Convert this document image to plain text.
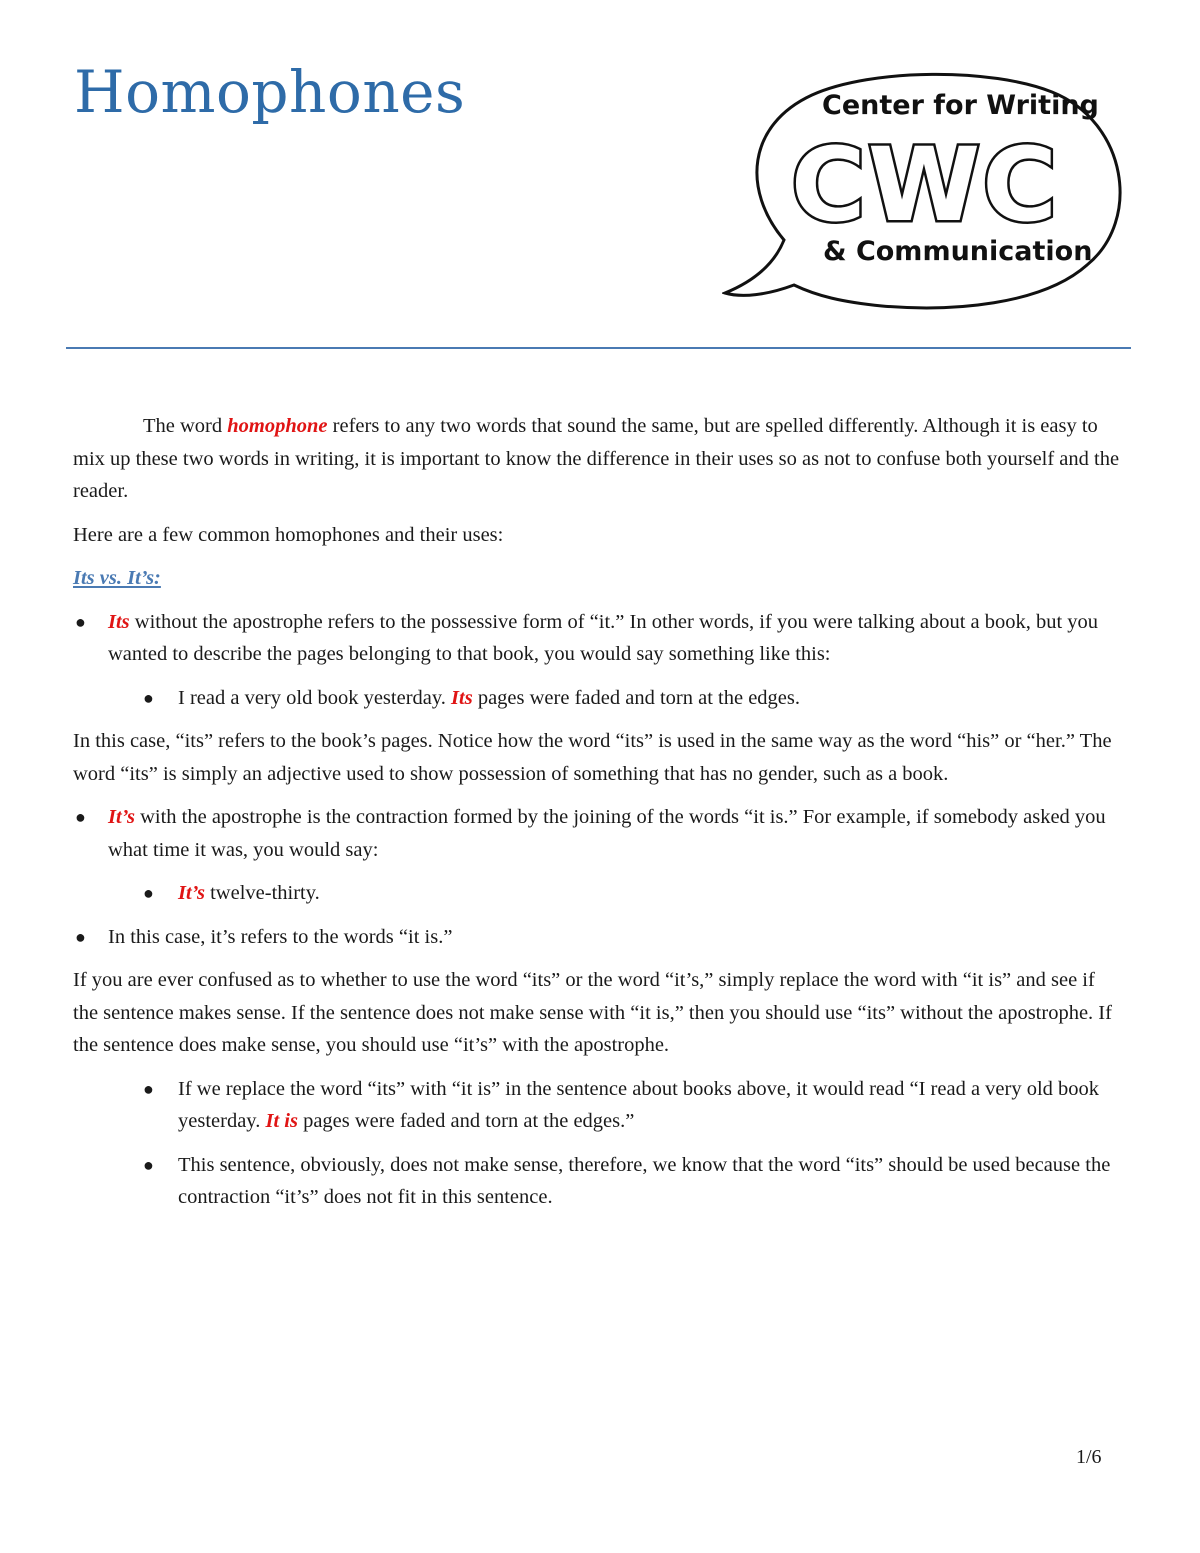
Homophones	Center for Writing
CWC
& Communication

The word homophone refers to any two words that sound the same, but are spelled differently. Although it is easy to mix up these two words in writing, it is important to know the difference in their uses so as not to confuse both yourself and the reader.

Here are a few common homophones and their uses:

Its vs. It’s:

● Its without the apostrophe refers to the possessive form of “it.” In other words, if you were talking about a book, but you wanted to describe the pages belonging to that book, you would say something like this:
● I read a very old book yesterday. Its pages were faded and torn at the edges.

In this case, “its” refers to the book’s pages. Notice how the word “its” is used in the same way as the word “his” or “her.” The word “its” is simply an adjective used to show possession of something that has no gender, such as a book.

● It’s with the apostrophe is the contraction formed by the joining of the words “it is.” For example, if somebody asked you what time it was, you would say:
● It’s twelve-thirty.
● In this case, it’s refers to the words “it is.”

If you are ever confused as to whether to use the word “its” or the word “it’s,” simply replace the word with “it is” and see if the sentence makes sense. If the sentence does not make sense with “it is,” then you should use “its” without the apostrophe. If the sentence does make sense, you should use “it’s” with the apostrophe.

● If we replace the word “its” with “it is” in the sentence about books above, it would read “I read a very old book yesterday. It is pages were faded and torn at the edges.”
● This sentence, obviously, does not make sense, therefore, we know that the word “its” should be used because the contraction “it’s” does not fit in this sentence.
1/6
